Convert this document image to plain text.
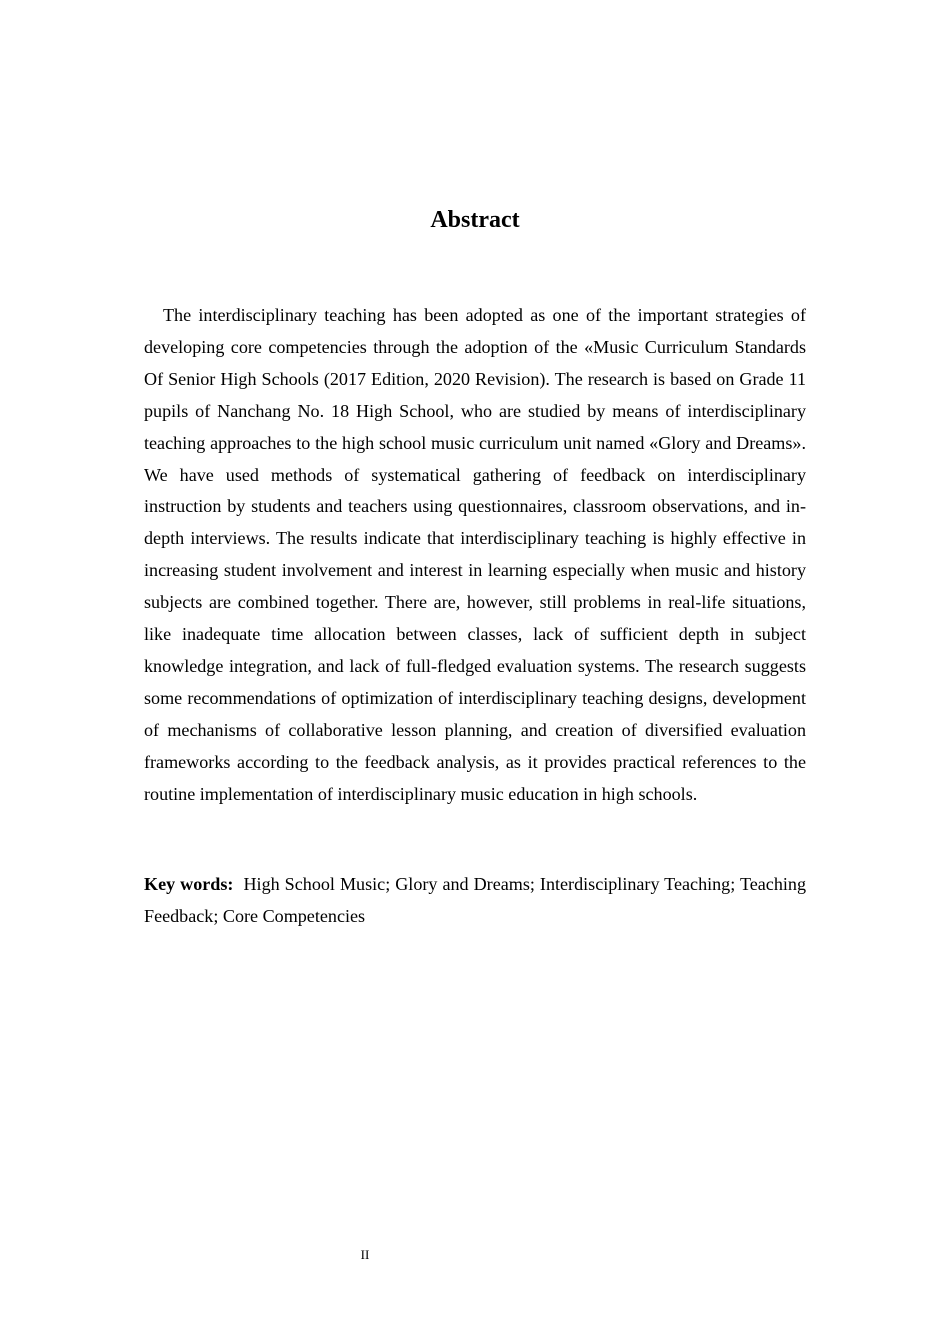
Abstract

The interdisciplinary teaching has been adopted as one of the important strategies of developing core competencies through the adoption of the «Music Curriculum Standards Of Senior High Schools (2017 Edition, 2020 Revision). The research is based on Grade 11 pupils of Nanchang No. 18 High School, who are studied by means of interdisciplinary teaching approaches to the high school music curriculum unit named «Glory and Dreams». We have used methods of systematical gathering of feedback on interdisciplinary instruction by students and teachers using questionnaires, classroom observations, and in-depth interviews. The results indicate that interdisciplinary teaching is highly effective in increasing student involvement and interest in learning especially when music and history subjects are combined together. There are, however, still problems in real-life situations, like inadequate time allocation between classes, lack of sufficient depth in subject knowledge integration, and lack of full-fledged evaluation systems. The research suggests some recommendations of optimization of interdisciplinary teaching designs, development of mechanisms of collaborative lesson planning, and creation of diversified evaluation frameworks according to the feedback analysis, as it provides practical references to the routine implementation of interdisciplinary music education in high schools.

Key words: High School Music; Glory and Dreams; Interdisciplinary Teaching; Teaching Feedback; Core Competencies

II
